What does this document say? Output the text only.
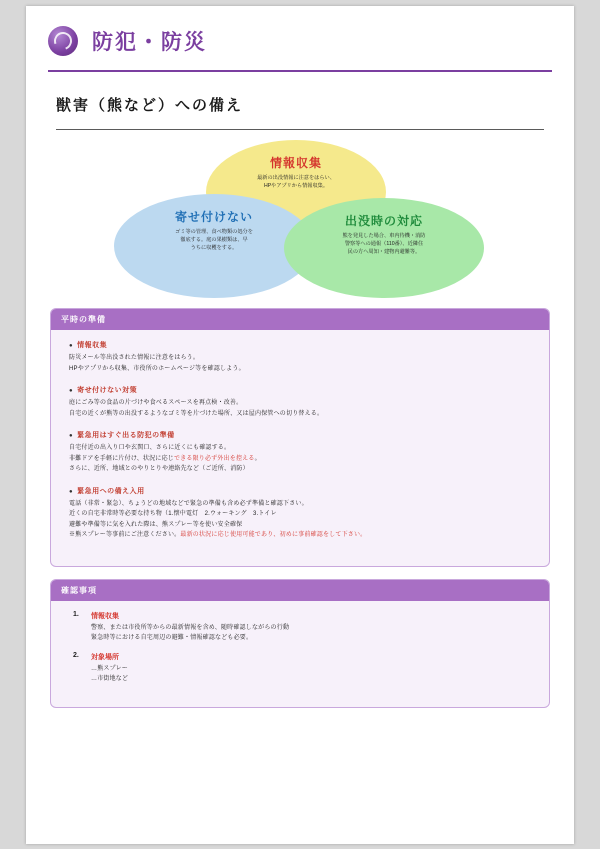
防犯・防災
獣害（熊など）への備え
情報収集
最新の出没情報に注意をはらい、
HPやアプリから情報収集。
寄せ付けない
ゴミ等の管理、食べ物類の処分を
徹底する。庭の果樹類は、早
うちに収穫をする。
出没時の対応
熊を発見した場合、車内待機・消防
警察等への通報（110番）、近隣住
民の方へ周知・建物内避難等。
平時の準備
● 情報収集
防災メール等出没された情報に注意をはらう。
HPやアプリから収集、市役所のホームページ等を確認しよう。
● 寄せ付けない対策
庭にごみ等の食品の片づけや食べるスペースを再点検・改善。
自宅の近くが熊等の出没するようなゴミ等を片づけた場所、又は屋内保管への切り替える。
● 緊急用はすぐ出る防犯の準備
自宅付近の出入り口や玄関口、さらに近くにも確認する。
非難ドアを手軽に片付け、状況に応じできる限り必ず外出を控える。
さらに、近所、地域とのやりとりや連絡先など（ご近所、消防）
● 緊急用への備え入用
電話（非常・緊急）、ちょうどの地域などで緊急の準備も含め必ず準備と確認下さい。
近くの自宅非常時等必要な持ち物（1.懐中電灯　2.ウォーキング　3.トイレ
避難や準備等に気を入れた際は、熊スプレー等を使い安全確保
※熊スプレー等事前にご注意ください。最新の状況に応じ使用可能であり、初めに事前確認をして下さい。
確認事項
1.	情報収集
警察、または市役所等からの最新情報を含め、随時確認しながらの行動
緊急時等における自宅周辺の避難・情報確認なども必要。
2.	対象場所
…熊スプレー
…市街地など
